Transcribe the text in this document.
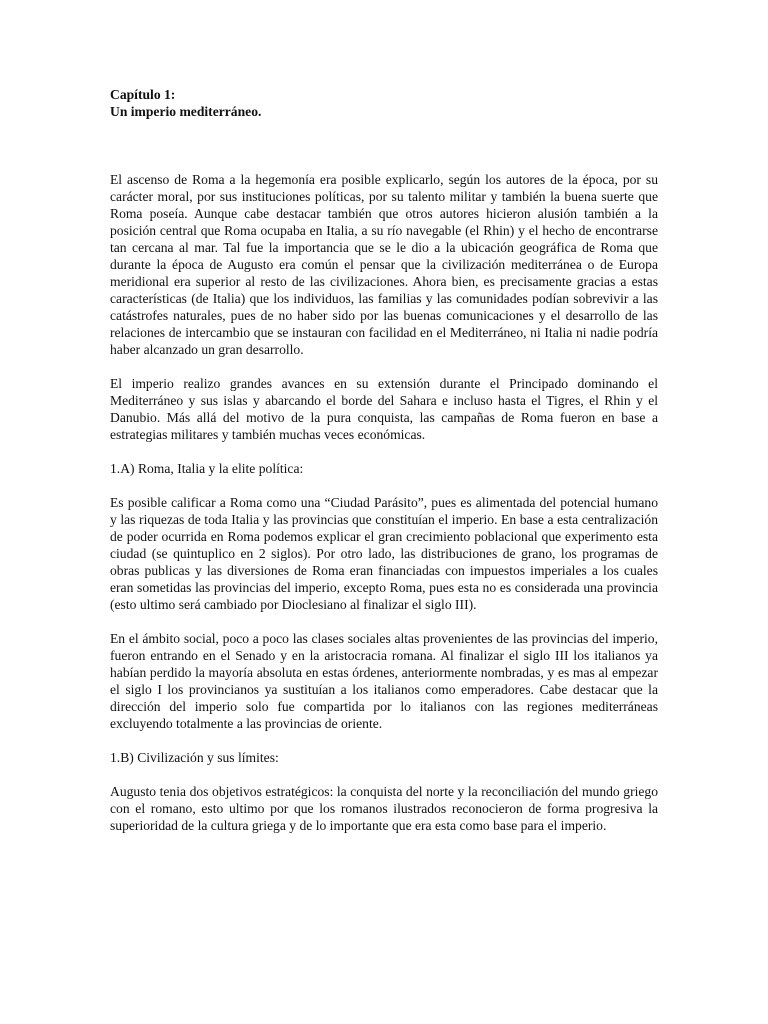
Capítulo 1:
Un imperio mediterráneo.

El ascenso de Roma a la hegemonía era posible explicarlo, según los autores de la época, por su carácter moral, por sus instituciones políticas, por su talento militar y también la buena suerte que Roma poseía. Aunque cabe destacar también que otros autores hicieron alusión también a la posición central que Roma ocupaba en Italia, a su río navegable (el Rhin) y el hecho de encontrarse tan cercana al mar. Tal fue la importancia que se le dio a la ubicación geográfica de Roma que durante la época de Augusto era común el pensar que la civilización mediterránea o de Europa meridional era superior al resto de las civilizaciones. Ahora bien, es precisamente gracias a estas características (de Italia) que los individuos, las familias y las comunidades podían sobrevivir a las catástrofes naturales, pues de no haber sido por las buenas comunicaciones y el desarrollo de las relaciones de intercambio que se instauran con facilidad en el Mediterráneo, ni Italia ni nadie podría haber alcanzado un gran desarrollo.

El imperio realizo grandes avances en su extensión durante el Principado dominando el Mediterráneo y sus islas y abarcando el borde del Sahara e incluso hasta el Tigres, el Rhin y el Danubio. Más allá del motivo de la pura conquista, las campañas de Roma fueron en base a estrategias militares y también muchas veces económicas.

1.A) Roma, Italia y la elite política:

Es posible calificar a Roma como una “Ciudad Parásito”, pues es alimentada del potencial humano y las riquezas de toda Italia y las provincias que constituían el imperio. En base a esta centralización de poder ocurrida en Roma podemos explicar el gran crecimiento poblacional que experimento esta ciudad (se quintuplico en 2 siglos). Por otro lado, las distribuciones de grano, los programas de obras publicas y las diversiones de Roma eran financiadas con impuestos imperiales a los cuales eran sometidas las provincias del imperio, excepto Roma, pues esta no es considerada una provincia (esto ultimo será cambiado por Dioclesiano al finalizar el siglo III).

En el ámbito social, poco a poco las clases sociales altas provenientes de las provincias del imperio, fueron entrando en el Senado y en la aristocracia romana. Al finalizar el siglo III los italianos ya habían perdido la mayoría absoluta en estas órdenes, anteriormente nombradas, y es mas al empezar el siglo I los provincianos ya sustituían a los italianos como emperadores. Cabe destacar que la dirección del imperio solo fue compartida por lo italianos con las regiones mediterráneas excluyendo totalmente a las provincias de oriente.

1.B) Civilización y sus límites:

Augusto tenia dos objetivos estratégicos: la conquista del norte y la reconciliación del mundo griego con el romano, esto ultimo por que los romanos ilustrados reconocieron de forma progresiva la superioridad de la cultura griega y de lo importante que era esta como base para el imperio.
